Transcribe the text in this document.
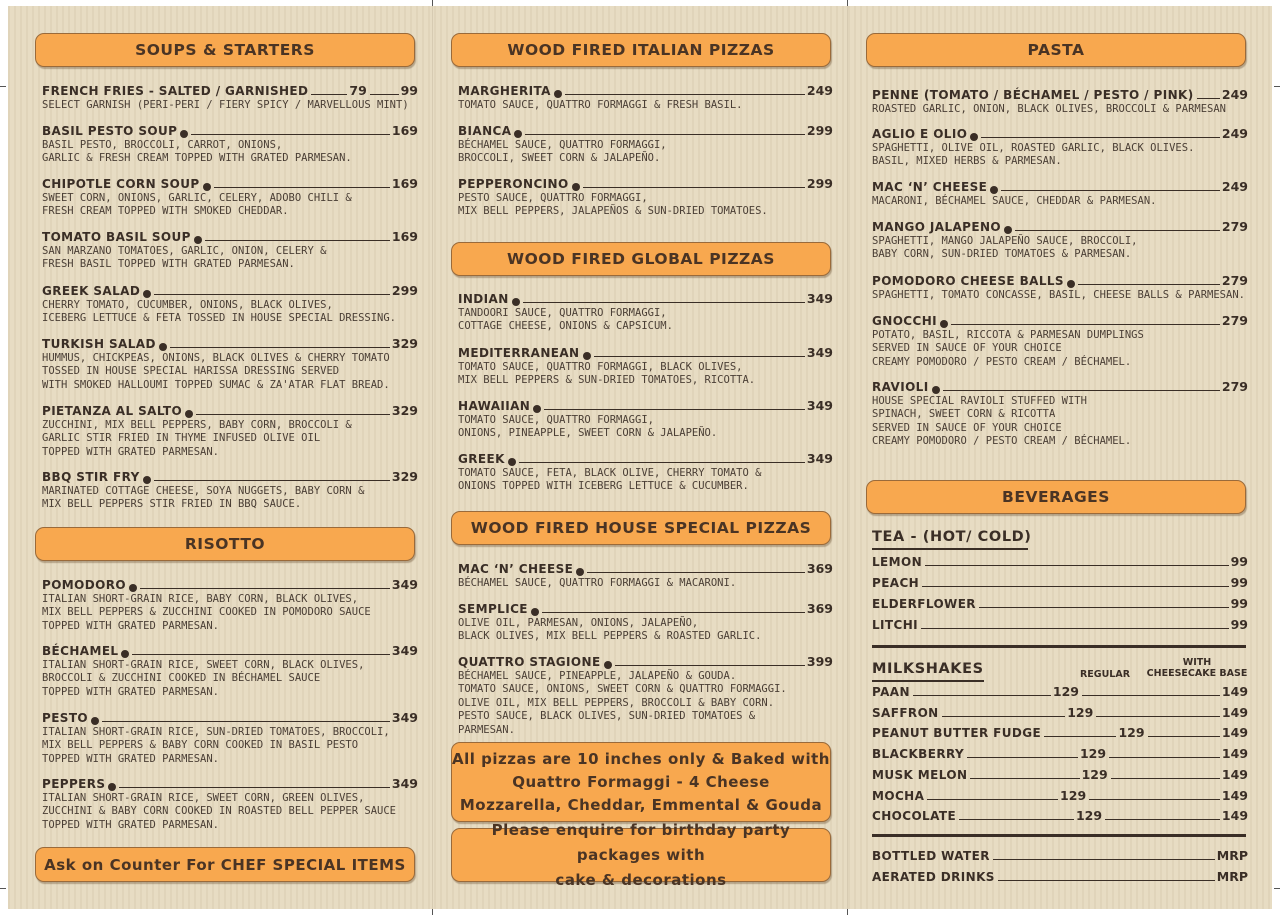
SOUPS & STARTERS
FRENCH FRIES - SALTED / GARNISHED	79	99
SELECT GARNISH (PERI-PERI / FIERY SPICY / MARVELLOUS MINT)
BASIL PESTO SOUP	169
BASIL PESTO, BROCCOLI, CARROT, ONIONS,
GARLIC & FRESH CREAM TOPPED WITH GRATED PARMESAN.
CHIPOTLE CORN SOUP	169
SWEET CORN, ONIONS, GARLIC, CELERY, ADOBO CHILI &
FRESH CREAM TOPPED WITH SMOKED CHEDDAR.
TOMATO BASIL SOUP	169
SAN MARZANO TOMATOES, GARLIC, ONION, CELERY &
FRESH BASIL TOPPED WITH GRATED PARMESAN.
GREEK SALAD	299
CHERRY TOMATO, CUCUMBER, ONIONS, BLACK OLIVES,
ICEBERG LETTUCE & FETA TOSSED IN HOUSE SPECIAL DRESSING.
TURKISH SALAD	329
HUMMUS, CHICKPEAS, ONIONS, BLACK OLIVES & CHERRY TOMATO
TOSSED IN HOUSE SPECIAL HARISSA DRESSING SERVED
WITH SMOKED HALLOUMI TOPPED SUMAC & ZA'ATAR FLAT BREAD.
PIETANZA AL SALTO	329
ZUCCHINI, MIX BELL PEPPERS, BABY CORN, BROCCOLI &
GARLIC STIR FRIED IN THYME INFUSED OLIVE OIL
TOPPED WITH GRATED PARMESAN.
BBQ STIR FRY	329
MARINATED COTTAGE CHEESE, SOYA NUGGETS, BABY CORN &
MIX BELL PEPPERS STIR FRIED IN BBQ SAUCE.
RISOTTO
POMODORO	349
ITALIAN SHORT-GRAIN RICE, BABY CORN, BLACK OLIVES,
MIX BELL PEPPERS & ZUCCHINI COOKED IN POMODORO SAUCE
TOPPED WITH GRATED PARMESAN.
BÉCHAMEL	349
ITALIAN SHORT-GRAIN RICE, SWEET CORN, BLACK OLIVES,
BROCCOLI & ZUCCHINI COOKED IN BÉCHAMEL SAUCE
TOPPED WITH GRATED PARMESAN.
PESTO	349
ITALIAN SHORT-GRAIN RICE, SUN-DRIED TOMATOES, BROCCOLI,
MIX BELL PEPPERS & BABY CORN COOKED IN BASIL PESTO
TOPPED WITH GRATED PARMESAN.
PEPPERS	349
ITALIAN SHORT-GRAIN RICE, SWEET CORN, GREEN OLIVES,
ZUCCHINI & BABY CORN COOKED IN ROASTED BELL PEPPER SAUCE
TOPPED WITH GRATED PARMESAN.
Ask on Counter For CHEF SPECIAL ITEMS
WOOD FIRED ITALIAN PIZZAS
MARGHERITA	249
TOMATO SAUCE, QUATTRO FORMAGGI & FRESH BASIL.
BIANCA	299
BÉCHAMEL SAUCE, QUATTRO FORMAGGI,
BROCCOLI, SWEET CORN & JALAPEÑO.
PEPPERONCINO	299
PESTO SAUCE, QUATTRO FORMAGGI,
MIX BELL PEPPERS, JALAPEÑOS & SUN-DRIED TOMATOES.
WOOD FIRED GLOBAL PIZZAS
INDIAN	349
TANDOORI SAUCE, QUATTRO FORMAGGI,
COTTAGE CHEESE, ONIONS & CAPSICUM.
MEDITERRANEAN	349
TOMATO SAUCE, QUATTRO FORMAGGI, BLACK OLIVES,
MIX BELL PEPPERS & SUN-DRIED TOMATOES, RICOTTA.
HAWAIIAN	349
TOMATO SAUCE, QUATTRO FORMAGGI,
ONIONS, PINEAPPLE, SWEET CORN & JALAPEÑO.
GREEK	349
TOMATO SAUCE, FETA, BLACK OLIVE, CHERRY TOMATO &
ONIONS TOPPED WITH ICEBERG LETTUCE & CUCUMBER.
WOOD FIRED HOUSE SPECIAL PIZZAS
MAC ‘N’ CHEESE	369
BÉCHAMEL SAUCE, QUATTRO FORMAGGI & MACARONI.
SEMPLICE	369
OLIVE OIL, PARMESAN, ONIONS, JALAPEÑO,
BLACK OLIVES, MIX BELL PEPPERS & ROASTED GARLIC.
QUATTRO STAGIONE	399
BÉCHAMEL SAUCE, PINEAPPLE, JALAPEÑO & GOUDA.
TOMATO SAUCE, ONIONS, SWEET CORN & QUATTRO FORMAGGI.
OLIVE OIL, MIX BELL PEPPERS, BROCCOLI & BABY CORN.
PESTO SAUCE, BLACK OLIVES, SUN-DRIED TOMATOES &
PARMESAN.
All pizzas are 10 inches only & Baked with
Quattro Formaggi - 4 Cheese
Mozzarella, Cheddar, Emmental & Gouda
Please enquire for birthday party packages with
cake & decorations
PASTA
PENNE (TOMATO / BÉCHAMEL / PESTO / PINK) 249
ROASTED GARLIC, ONION, BLACK OLIVES, BROCCOLI & PARMESAN
AGLIO E OLIO	249
SPAGHETTI, OLIVE OIL, ROASTED GARLIC, BLACK OLIVES.
BASIL, MIXED HERBS & PARMESAN.
MAC ‘N’ CHEESE	249
MACARONI, BÉCHAMEL SAUCE, CHEDDAR & PARMESAN.
MANGO JALAPENO	279
SPAGHETTI, MANGO JALAPEÑO SAUCE, BROCCOLI,
BABY CORN, SUN-DRIED TOMATOES & PARMESAN.
POMODORO CHEESE BALLS	279
SPAGHETTI, TOMATO CONCASSE, BASIL, CHEESE BALLS & PARMESAN.
GNOCCHI	279
POTATO, BASIL, RICCOTA & PARMESAN DUMPLINGS
SERVED IN SAUCE OF YOUR CHOICE
CREAMY POMODORO / PESTO CREAM / BÉCHAMEL.
RAVIOLI	279
HOUSE SPECIAL RAVIOLI STUFFED WITH
SPINACH, SWEET CORN & RICOTTA
SERVED IN SAUCE OF YOUR CHOICE
CREAMY POMODORO / PESTO CREAM / BÉCHAMEL.
BEVERAGES
TEA - (HOT/ COLD)
LEMON	99
PEACH	99
ELDERFLOWER	99
LITCHI	99
MILKSHAKES	REGULAR
WITH
CHEESECAKE BASE
PAAN	129	149
SAFFRON	129	149
PEANUT BUTTER FUDGE	129	149
BLACKBERRY	129	149
MUSK MELON	129	149
MOCHA	129	149
CHOCOLATE	129	149
BOTTLED WATER	MRP
AERATED DRINKS	MRP
